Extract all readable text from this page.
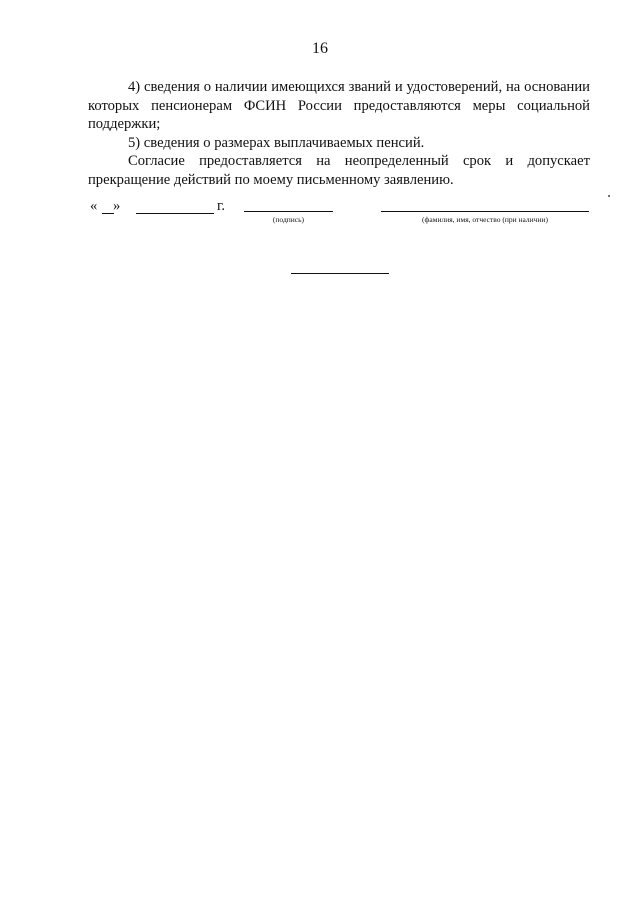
16

4) сведения о наличии имеющихся званий и удостоверений, на основании которых пенсионерам ФСИН России предоставляются меры социальной поддержки;

5) сведения о размерах выплачиваемых пенсий.

Согласие предоставляется на неопределенный срок и допускает прекращение действий по моему письменному заявлению.

« »	г.
(подпись)	(фамилия, имя, отчество (при наличии)
